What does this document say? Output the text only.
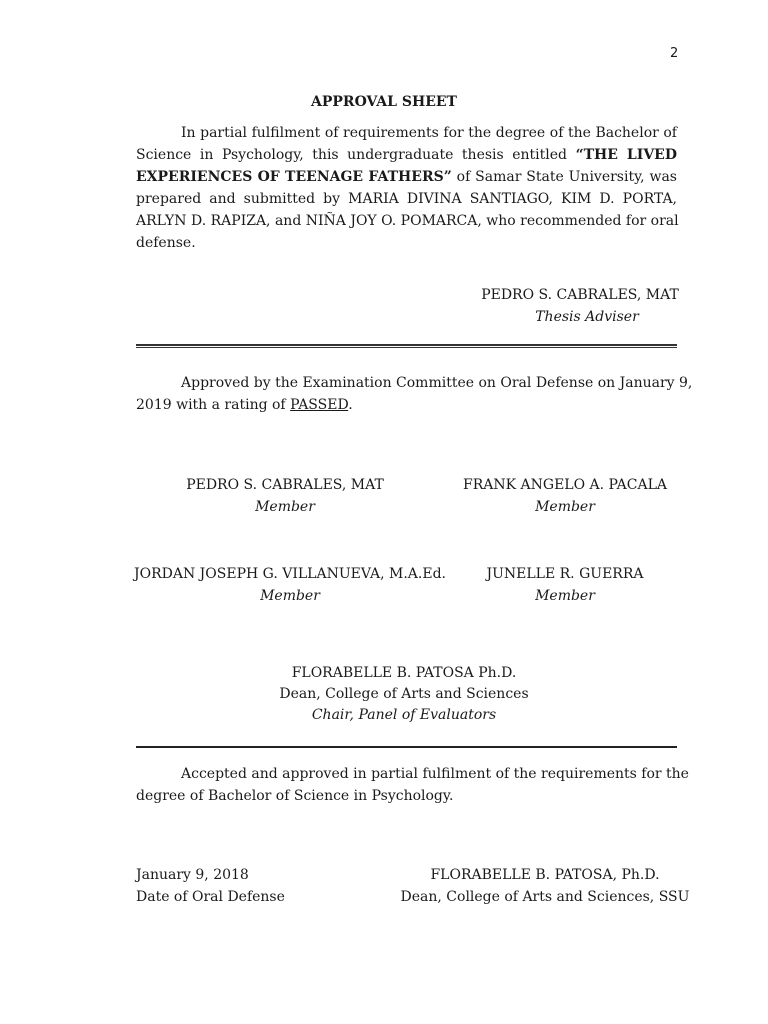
2
APPROVAL SHEET
In partial fulfilment of requirements for the degree of the Bachelor of
Science in Psychology, this undergraduate thesis entitled “THE LIVED
EXPERIENCES OF TEENAGE FATHERS” of Samar State University, was
prepared and submitted by MARIA DIVINA SANTIAGO, KIM D. PORTA,
ARLYN D. RAPIZA, and NIÑA JOY O. POMARCA, who recommended for oral
defense.
PEDRO S. CABRALES, MAT
Thesis Adviser
Approved by the Examination Committee on Oral Defense on January 9,
2019 with a rating of PASSED.
PEDRO S. CABRALES, MAT
Member
FRANK ANGELO A. PACALA
Member
JORDAN JOSEPH G. VILLANUEVA, M.A.Ed.
Member
JUNELLE R. GUERRA
Member
FLORABELLE B. PATOSA Ph.D.
Dean, College of Arts and Sciences
Chair, Panel of Evaluators
Accepted and approved in partial fulfilment of the requirements for the
degree of Bachelor of Science in Psychology.
January 9, 2018
Date of Oral Defense
FLORABELLE B. PATOSA, Ph.D.
Dean, College of Arts and Sciences, SSU
